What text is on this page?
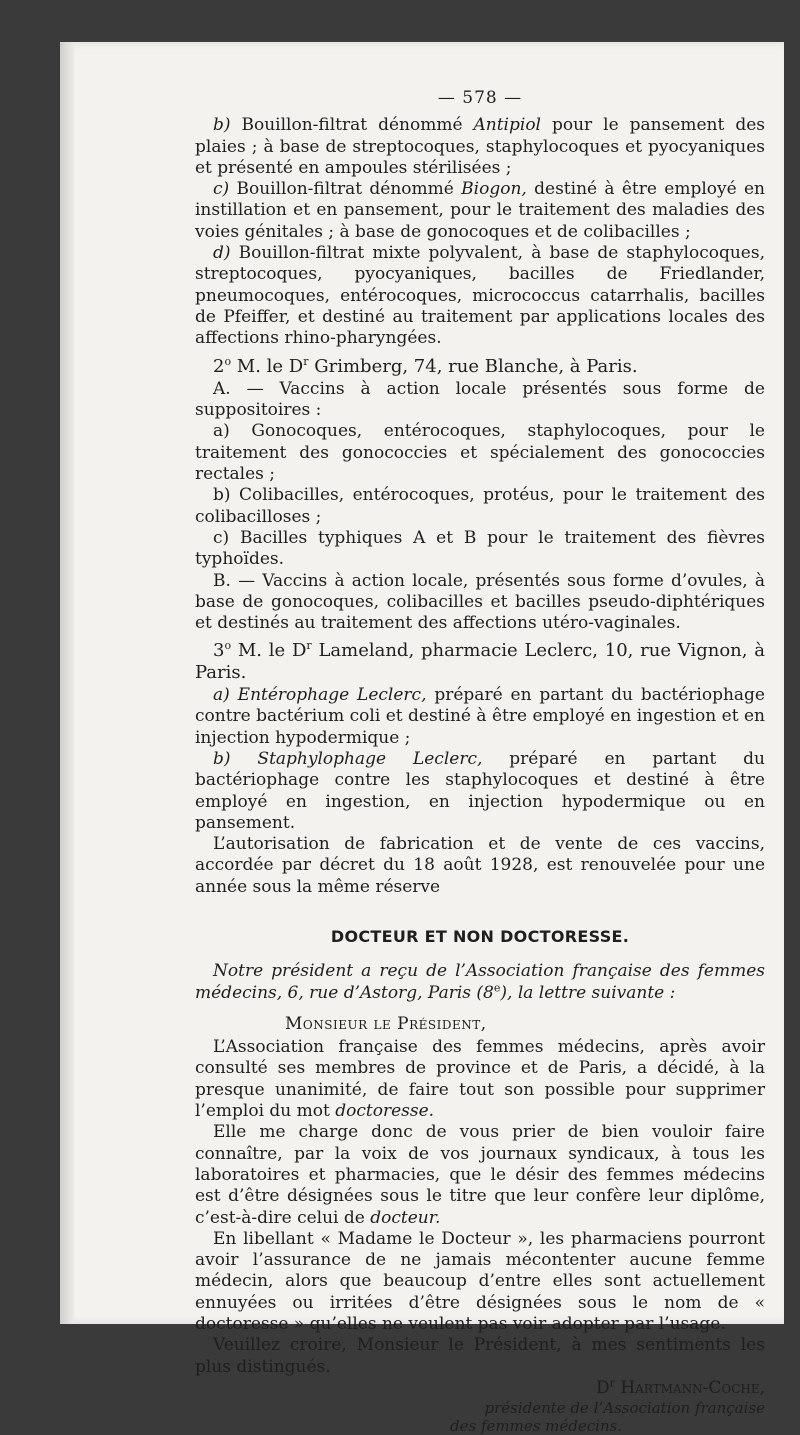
— 578 —

b) Bouillon-filtrat dénommé Antipiol pour le pansement des plaies ; à base de streptocoques, staphylocoques et pyocyaniques et présenté en ampoules stérilisées ;

c) Bouillon-filtrat dénommé Biogon, destiné à être employé en instillation et en pansement, pour le traitement des maladies des voies génitales ; à base de gonocoques et de colibacilles ;

d) Bouillon-filtrat mixte polyvalent, à base de staphylocoques, streptocoques, pyocyaniques, bacilles de Friedlander, pneumocoques, entérocoques, micrococcus catarrhalis, bacilles de Pfeiffer, et destiné au traitement par applications locales des affections rhino-pharyngées.

2$^o$ M. le $D^r$ Grimberg, 74, rue Blanche, à Paris.

A. — Vaccins à action locale présentés sous forme de suppositoires :

a) Gonocoques, entérocoques, staphylocoques, pour le traitement des gonococcies et spécialement des gonococcies rectales ;

b) Colibacilles, entérocoques, protéus, pour le traitement des colibacilloses ;

c) Bacilles typhiques A et B pour le traitement des fièvres typhoïdes.

B. — Vaccins à action locale, présentés sous forme d’ovules, à base de gonocoques, colibacilles et bacilles pseudo-diphtériques et destinés au traitement des affections utéro-vaginales.

3$^o$ M. le $D^r$ Lameland, pharmacie Leclerc, 10, rue Vignon, à Paris.

a) Entérophage Leclerc, préparé en partant du bactériophage contre bactérium coli et destiné à être employé en ingestion et en injection hypodermique ;

b) Staphylophage Leclerc, préparé en partant du bactériophage contre les staphylocoques et destiné à être employé en ingestion, en injection hypodermique ou en pansement.

L’autorisation de fabrication et de vente de ces vaccins, accordée par décret du 18 août 1928, est renouvelée pour une année sous la même réserve

DOCTEUR ET NON DOCTORESSE.

Notre président a reçu de l’Association française des femmes médecins, 6, rue d’Astorg, Paris (8e), la lettre suivante :

Monsieur le Président,

L’Association française des femmes médecins, après avoir consulté ses membres de province et de Paris, a décidé, à la presque unanimité, de faire tout son possible pour supprimer l’emploi du mot doctoresse.

Elle me charge donc de vous prier de bien vouloir faire connaître, par la voix de vos journaux syndicaux, à tous les laboratoires et pharmacies, que le désir des femmes médecins est d’être désignées sous le titre que leur confère leur diplôme, c’est-à-dire celui de docteur.

En libellant « Madame le Docteur », les pharmaciens pourront avoir l’assurance de ne jamais mécontenter aucune femme médecin, alors que beaucoup d’entre elles sont actuellement ennuyées ou irritées d’être désignées sous le nom de « doctoresse » qu’elles ne veulent pas voir adopter par l’usage.

Veuillez croire, Monsieur le Président, à mes sentiments les plus distingués.

$D^r$ Hartmann-Coche,

présidente de l’Association française

des femmes médecins.
